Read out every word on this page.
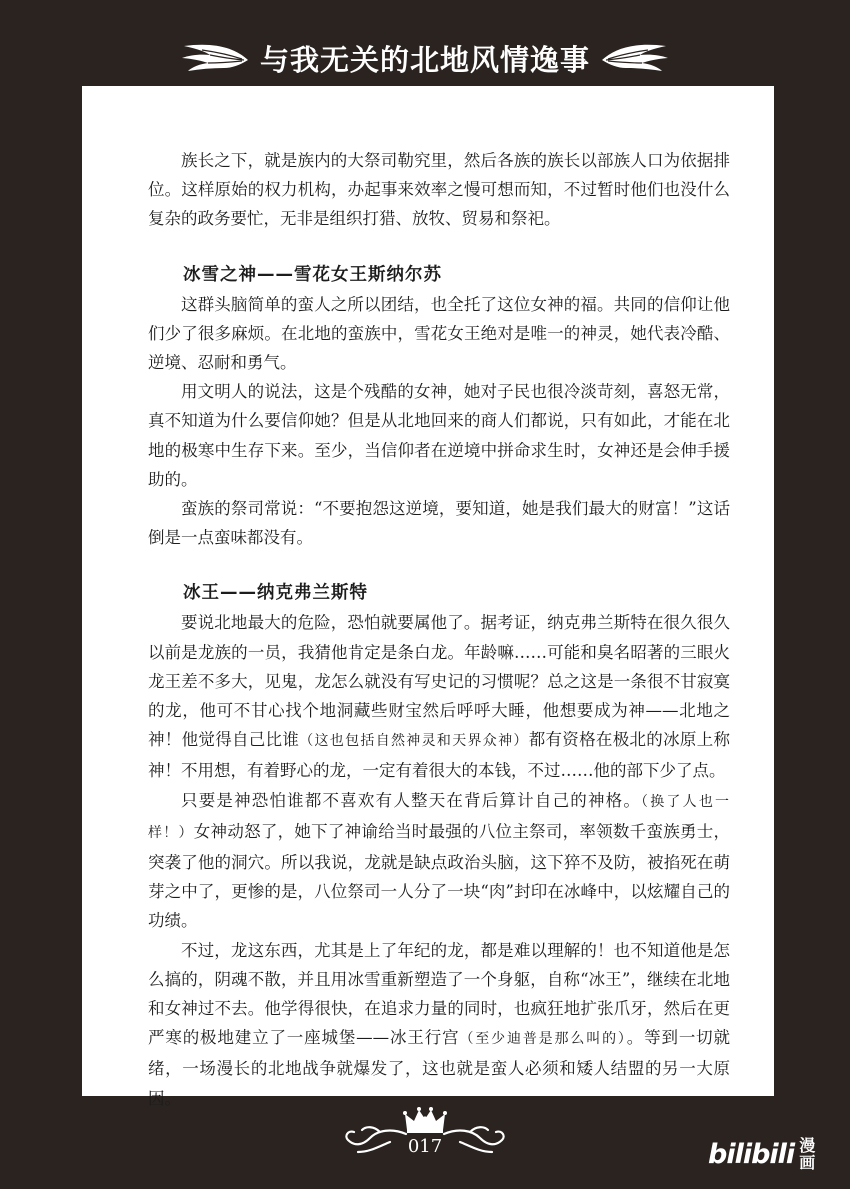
与我无关的北地风情逸事

族长之下，就是族内的大祭司勒究里，然后各族的族长以部族人口为依据排位。这样原始的权力机构，办起事来效率之慢可想而知，不过暂时他们也没什么复杂的政务要忙，无非是组织打猎、放牧、贸易和祭祀。

冰雪之神——雪花女王斯纳尔苏

这群头脑简单的蛮人之所以团结，也全托了这位女神的福。共同的信仰让他们少了很多麻烦。在北地的蛮族中，雪花女王绝对是唯一的神灵，她代表冷酷、逆境、忍耐和勇气。

用文明人的说法，这是个残酷的女神，她对子民也很冷淡苛刻，喜怒无常，真不知道为什么要信仰她？但是从北地回来的商人们都说，只有如此，才能在北地的极寒中生存下来。至少，当信仰者在逆境中拼命求生时，女神还是会伸手援助的。

蛮族的祭司常说：“不要抱怨这逆境，要知道，她是我们最大的财富！”这话倒是一点蛮味都没有。

冰王——纳克弗兰斯特

要说北地最大的危险，恐怕就要属他了。据考证，纳克弗兰斯特在很久很久以前是龙族的一员，我猜他肯定是条白龙。年龄嘛……可能和臭名昭著的三眼火龙王差不多大，见鬼，龙怎么就没有写史记的习惯呢？总之这是一条很不甘寂寞的龙，他可不甘心找个地洞藏些财宝然后呼呼大睡，他想要成为神——北地之神！他觉得自己比谁（这也包括自然神灵和天界众神）都有资格在极北的冰原上称神！不用想，有着野心的龙，一定有着很大的本钱，不过……他的部下少了点。

只要是神恐怕谁都不喜欢有人整天在背后算计自己的神格。（换了人也一样！）女神动怒了，她下了神谕给当时最强的八位主祭司，率领数千蛮族勇士，突袭了他的洞穴。所以我说，龙就是缺点政治头脑，这下猝不及防，被掐死在萌芽之中了，更惨的是，八位祭司一人分了一块“肉”封印在冰峰中，以炫耀自己的功绩。

不过，龙这东西，尤其是上了年纪的龙，都是难以理解的！也不知道他是怎么搞的，阴魂不散，并且用冰雪重新塑造了一个身躯，自称“冰王”，继续在北地和女神过不去。他学得很快，在追求力量的同时，也疯狂地扩张爪牙，然后在更严寒的极地建立了一座城堡——冰王行宫（至少迪普是那么叫的）。等到一切就绪，一场漫长的北地战争就爆发了，这也就是蛮人必须和矮人结盟的另一大原因。

017	bilibili 漫画
